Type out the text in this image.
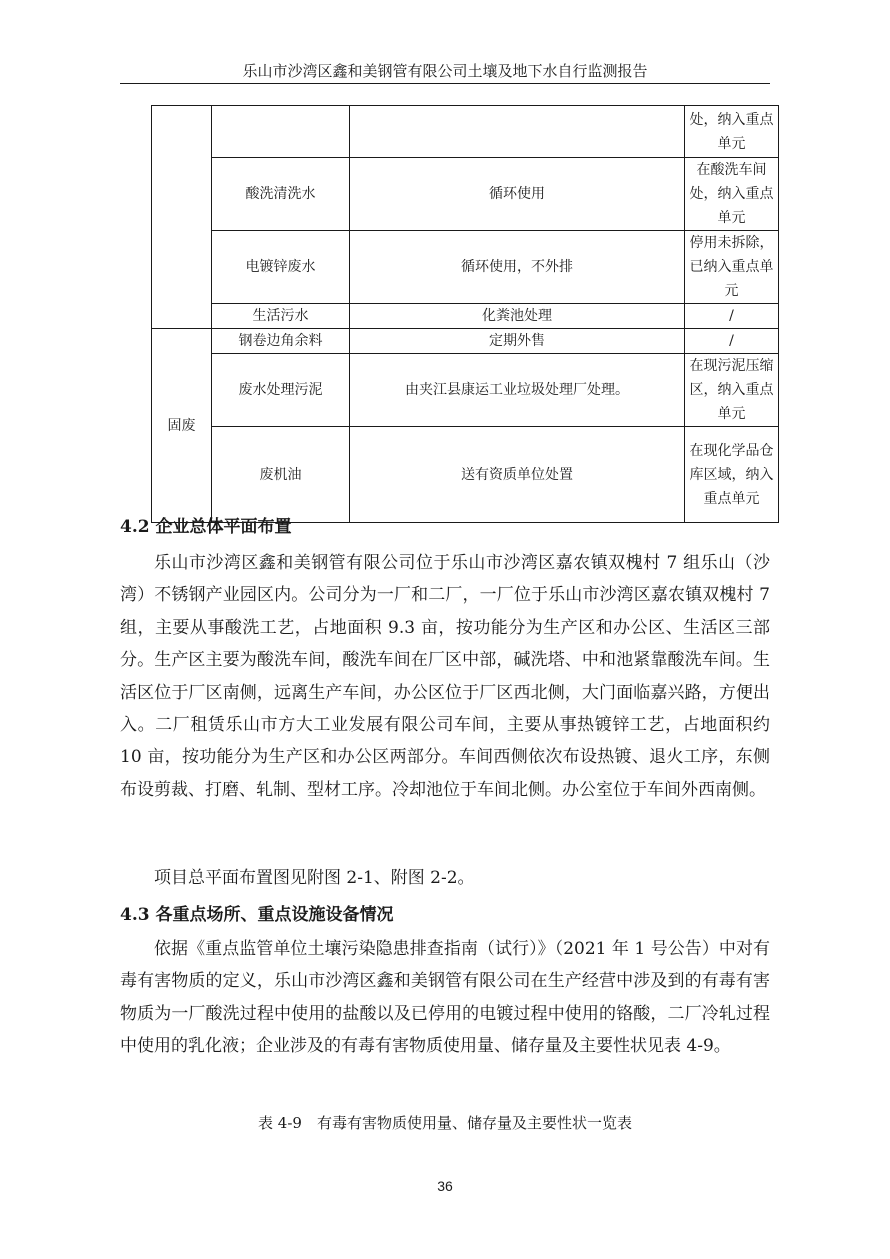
乐山市沙湾区鑫和美钢管有限公司土壤及地下水自行监测报告
			处，纳入重点单元
	酸洗清洗水	循环使用	在酸洗车间处，纳入重点单元
	电镀锌废水	循环使用，不外排	停用未拆除，已纳入重点单元
	生活污水	化粪池处理	/
固废	钢卷边角余料	定期外售	/
	废水处理污泥	由夹江县康运工业垃圾处理厂处理。	在现污泥压缩区，纳入重点单元
	废机油	送有资质单位处置	在现化学品仓库区域，纳入重点单元
4.2 企业总体平面布置

乐山市沙湾区鑫和美钢管有限公司位于乐山市沙湾区嘉农镇双槐村 7 组乐山（沙湾）不锈钢产业园区内。公司分为一厂和二厂，一厂位于乐山市沙湾区嘉农镇双槐村 7 组，主要从事酸洗工艺，占地面积 9.3 亩，按功能分为生产区和办公区、生活区三部分。生产区主要为酸洗车间，酸洗车间在厂区中部，碱洗塔、中和池紧靠酸洗车间。生活区位于厂区南侧，远离生产车间，办公区位于厂区西北侧，大门面临嘉兴路，方便出入。二厂租赁乐山市方大工业发展有限公司车间，主要从事热镀锌工艺，占地面积约 10 亩，按功能分为生产区和办公区两部分。车间西侧依次布设热镀、退火工序，东侧布设剪裁、打磨、轧制、型材工序。冷却池位于车间北侧。办公室位于车间外西南侧。

项目总平面布置图见附图 2-1、附图 2-2。

4.3 各重点场所、重点设施设备情况

依据《重点监管单位土壤污染隐患排查指南（试行）》（2021 年 1 号公告）中对有毒有害物质的定义，乐山市沙湾区鑫和美钢管有限公司在生产经营中涉及到的有毒有害物质为一厂酸洗过程中使用的盐酸以及已停用的电镀过程中使用的铬酸，二厂冷轧过程中使用的乳化液；企业涉及的有毒有害物质使用量、储存量及主要性状见表 4-9。

表 4-9　有毒有害物质使用量、储存量及主要性状一览表
36
